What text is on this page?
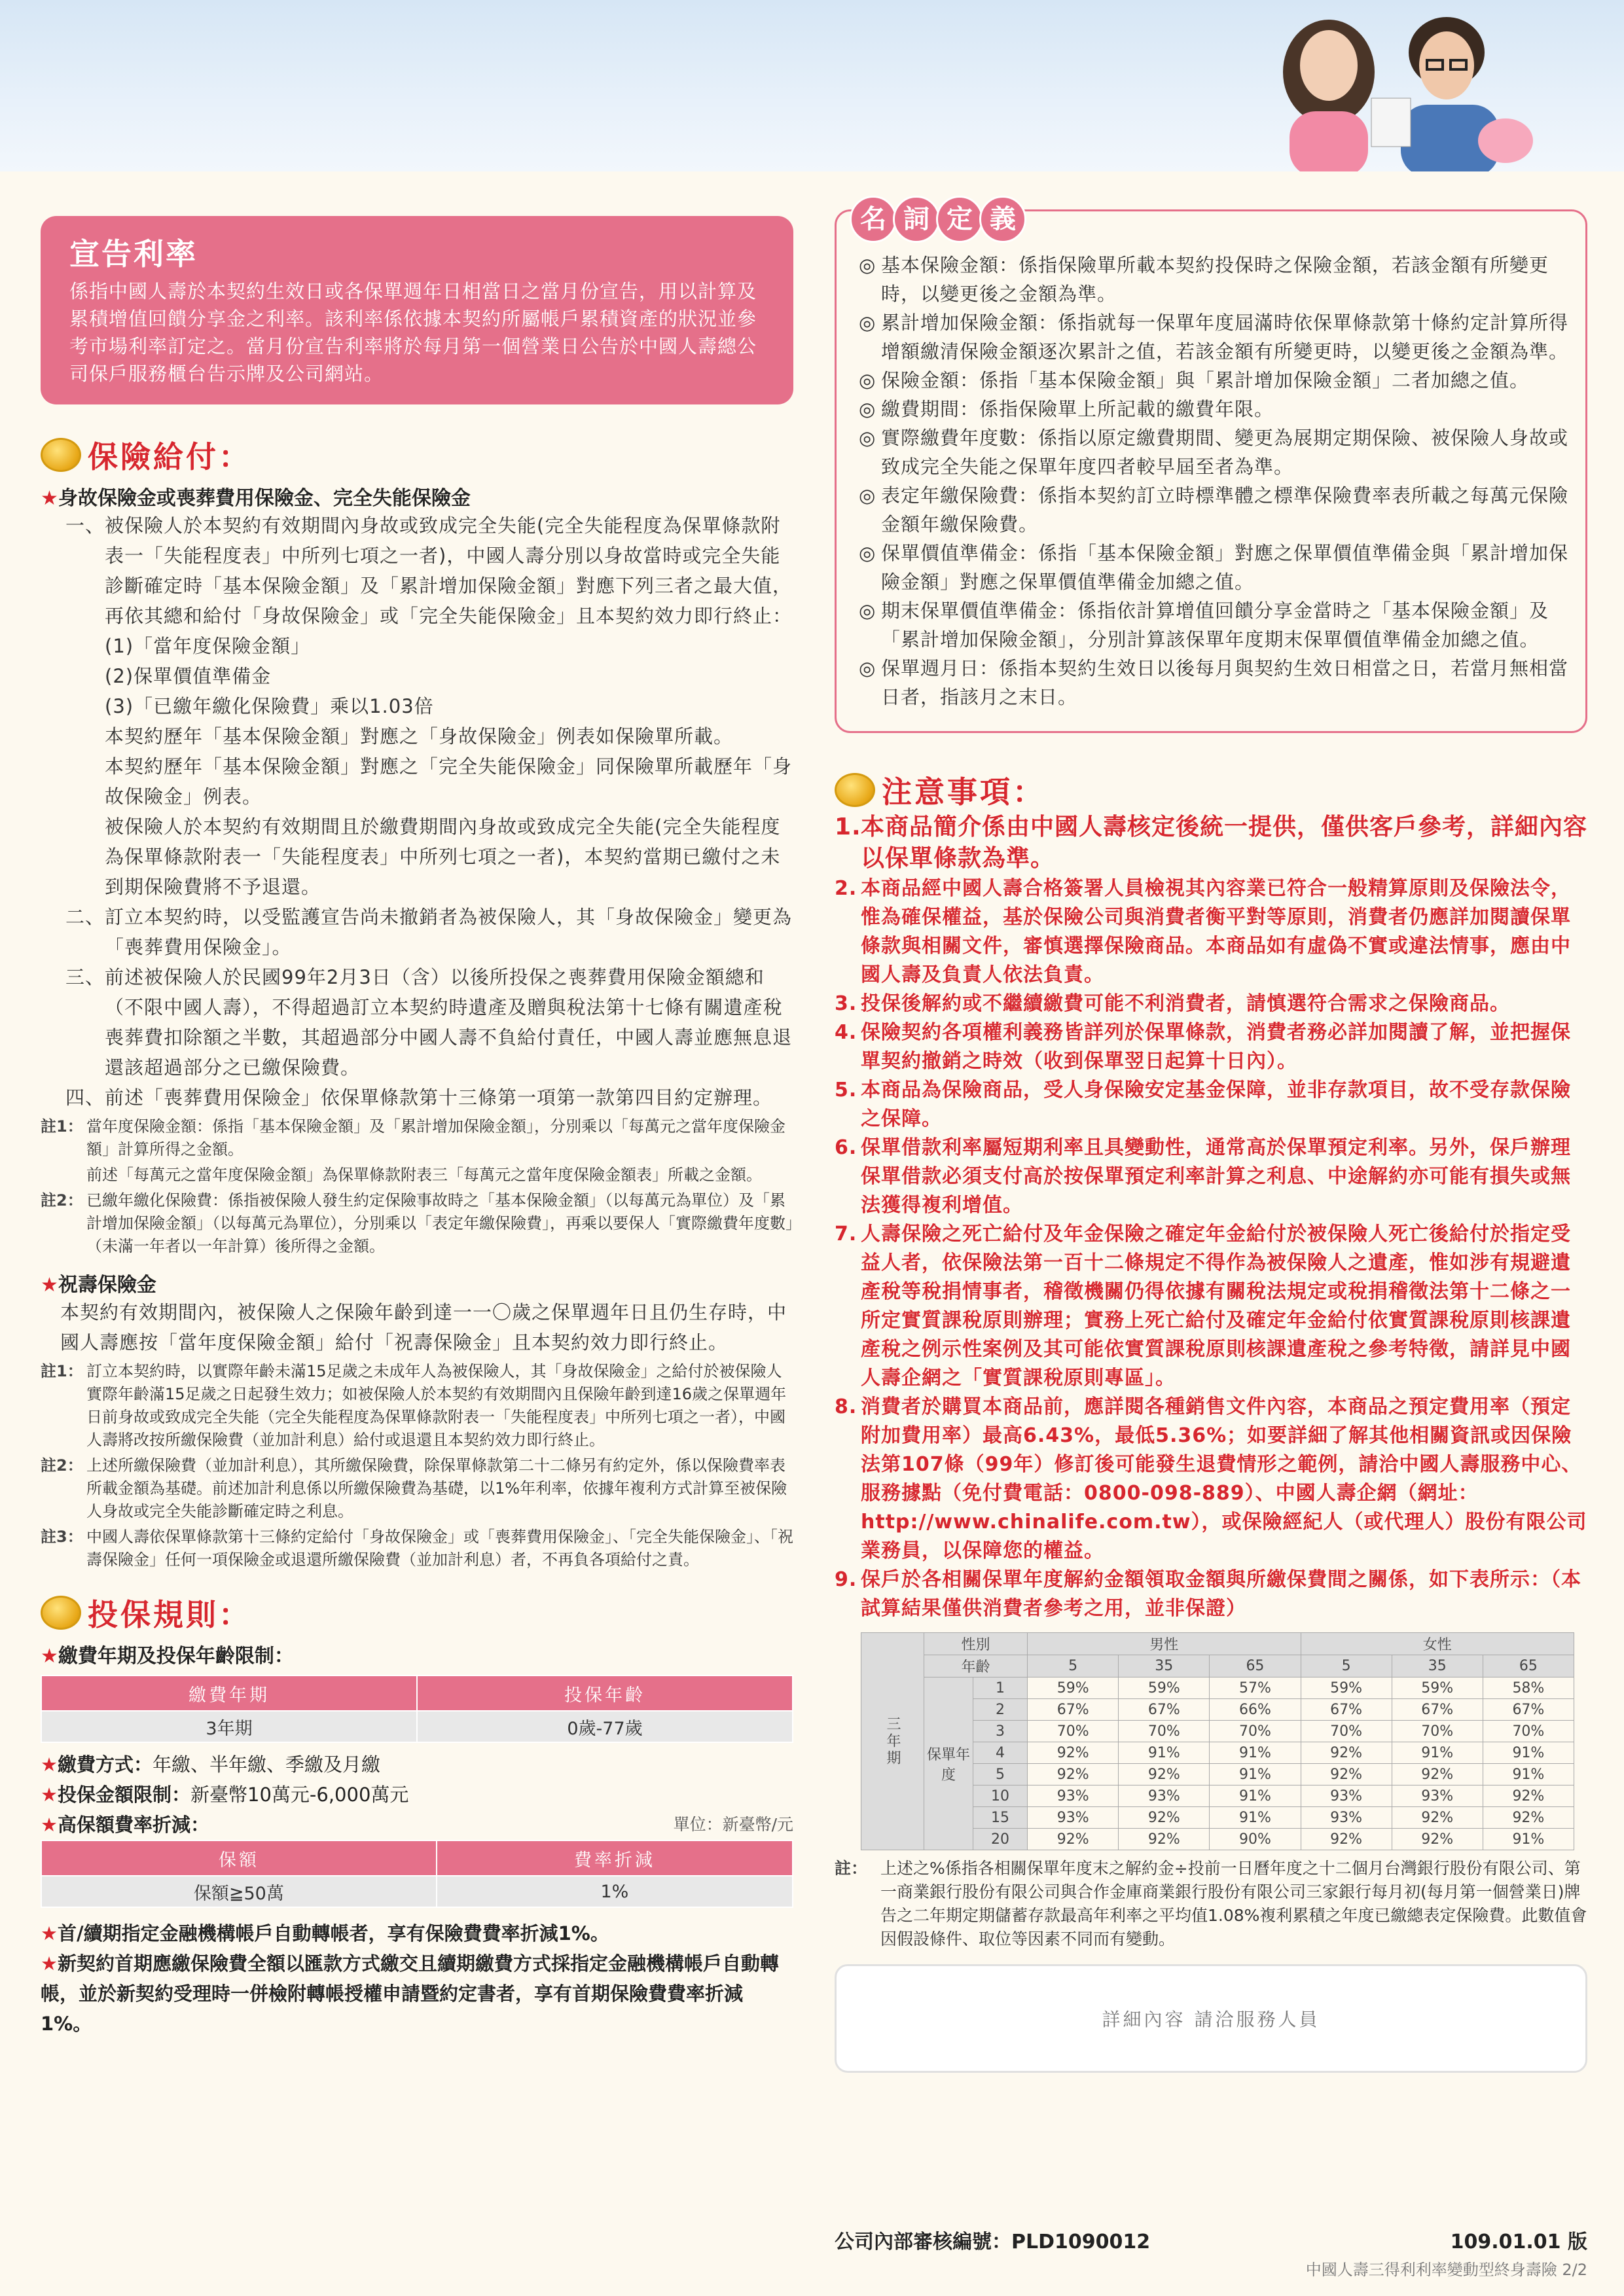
宣告利率
係指中國人壽於本契約生效日或各保單週年日相當日之當月份宣告，用以計算及累積增值回饋分享金之利率。該利率係依據本契約所屬帳戶累積資產的狀況並參考市場利率訂定之。當月份宣告利率將於每月第一個營業日公告於中國人壽總公司保戶服務櫃台告示牌及公司網站。
保險給付：
★身故保險金或喪葬費用保險金、完全失能保險金
一、 被保險人於本契約有效期間內身故或致成完全失能(完全失能程度為保單條款附表一「失能程度表」中所列七項之一者)，中國人壽分別以身故當時或完全失能診斷確定時「基本保險金額」及「累計增加保險金額」對應下列三者之最大值，再依其總和給付「身故保險金」或「完全失能保險金」且本契約效力即行終止：
(1)「當年度保險金額」
(2)保單價值準備金
(3)「已繳年繳化保險費」乘以1.03倍
本契約歷年「基本保險金額」對應之「身故保險金」例表如保險單所載。
本契約歷年「基本保險金額」對應之「完全失能保險金」同保險單所載歷年「身故保險金」例表。
被保險人於本契約有效期間且於繳費期間內身故或致成完全失能(完全失能程度為保單條款附表一「失能程度表」中所列七項之一者)，本契約當期已繳付之未到期保險費將不予退還。
二、 訂立本契約時，以受監護宣告尚未撤銷者為被保險人，其「身故保險金」變更為「喪葬費用保險金」。
三、 前述被保險人於民國99年2月3日（含）以後所投保之喪葬費用保險金額總和（不限中國人壽），不得超過訂立本契約時遺產及贈與稅法第十七條有關遺產稅喪葬費扣除額之半數，其超過部分中國人壽不負給付責任，中國人壽並應無息退還該超過部分之已繳保險費。
四、 前述「喪葬費用保險金」依保單條款第十三條第一項第一款第四目約定辦理。
註1： 當年度保險金額：係指「基本保險金額」及「累計增加保險金額」，分別乘以「每萬元之當年度保險金額」計算所得之金額。
前述「每萬元之當年度保險金額」為保單條款附表三「每萬元之當年度保險金額表」所載之金額。
註2： 已繳年繳化保險費：係指被保險人發生約定保險事故時之「基本保險金額」（以每萬元為單位）及「累計增加保險金額」（以每萬元為單位），分別乘以「表定年繳保險費」，再乘以要保人「實際繳費年度數」（未滿一年者以一年計算）後所得之金額。
★祝壽保險金
本契約有效期間內，被保險人之保險年齡到達一一〇歲之保單週年日且仍生存時，中國人壽應按「當年度保險金額」給付「祝壽保險金」且本契約效力即行終止。
註1： 訂立本契約時，以實際年齡未滿15足歲之未成年人為被保險人，其「身故保險金」之給付於被保險人實際年齡滿15足歲之日起發生效力；如被保險人於本契約有效期間內且保險年齡到達16歲之保單週年日前身故或致成完全失能（完全失能程度為保單條款附表一「失能程度表」中所列七項之一者），中國人壽將改按所繳保險費（並加計利息）給付或退還且本契約效力即行終止。
註2： 上述所繳保險費（並加計利息），其所繳保險費，除保單條款第二十二條另有約定外，係以保險費率表所載金額為基礎。前述加計利息係以所繳保險費為基礎，以1%年利率，依據年複利方式計算至被保險人身故或完全失能診斷確定時之利息。
註3： 中國人壽依保單條款第十三條約定給付「身故保險金」或「喪葬費用保險金」、「完全失能保險金」、「祝壽保險金」任何一項保險金或退還所繳保險費（並加計利息）者，不再負各項給付之責。
投保規則：
★繳費年期及投保年齡限制：
繳費年期	投保年齡
3年期	0歲-77歲
★繳費方式：年繳、半年繳、季繳及月繳
★投保金額限制：新臺幣10萬元-6,000萬元
★高保額費率折減：	單位：新臺幣/元
保額	費率折減
保額≧50萬	1%
★首/續期指定金融機構帳戶自動轉帳者，享有保險費費率折減1%。
★新契約首期應繳保險費全額以匯款方式繳交且續期繳費方式採指定金融機構帳戶自動轉帳，並於新契約受理時一併檢附轉帳授權申請暨約定書者，享有首期保險費費率折減1%。
名 詞 定 義
◎ 基本保險金額：係指保險單所載本契約投保時之保險金額，若該金額有所變更時，以變更後之金額為準。
◎ 累計增加保險金額：係指就每一保單年度屆滿時依保單條款第十條約定計算所得增額繳清保險金額逐次累計之值，若該金額有所變更時，以變更後之金額為準。
◎ 保險金額：係指「基本保險金額」與「累計增加保險金額」二者加總之值。
◎ 繳費期間：係指保險單上所記載的繳費年限。
◎ 實際繳費年度數：係指以原定繳費期間、變更為展期定期保險、被保險人身故或致成完全失能之保單年度四者較早屆至者為準。
◎ 表定年繳保險費：係指本契約訂立時標準體之標準保險費率表所載之每萬元保險金額年繳保險費。
◎ 保單價值準備金：係指「基本保險金額」對應之保單價值準備金與「累計增加保險金額」對應之保單價值準備金加總之值。
◎ 期末保單價值準備金：係指依計算增值回饋分享金當時之「基本保險金額」及「累計增加保險金額」，分別計算該保單年度期末保單價值準備金加總之值。
◎ 保單週月日：係指本契約生效日以後每月與契約生效日相當之日，若當月無相當日者，指該月之末日。
注意事項：
1. 本商品簡介係由中國人壽核定後統一提供，僅供客戶參考，詳細內容以保單條款為準。
2. 本商品經中國人壽合格簽署人員檢視其內容業已符合一般精算原則及保險法令，惟為確保權益，基於保險公司與消費者衡平對等原則，消費者仍應詳加閱讀保單條款與相關文件，審慎選擇保險商品。本商品如有虛偽不實或違法情事，應由中國人壽及負責人依法負責。
3. 投保後解約或不繼續繳費可能不利消費者，請慎選符合需求之保險商品。
4. 保險契約各項權利義務皆詳列於保單條款，消費者務必詳加閱讀了解，並把握保單契約撤銷之時效（收到保單翌日起算十日內）。
5. 本商品為保險商品，受人身保險安定基金保障，並非存款項目，故不受存款保險之保障。
6. 保單借款利率屬短期利率且具變動性，通常高於保單預定利率。另外，保戶辦理保單借款必須支付高於按保單預定利率計算之利息、中途解約亦可能有損失或無法獲得複利增值。
7. 人壽保險之死亡給付及年金保險之確定年金給付於被保險人死亡後給付於指定受益人者，依保險法第一百十二條規定不得作為被保險人之遺產，惟如涉有規避遺產稅等稅捐情事者，稽徵機關仍得依據有關稅法規定或稅捐稽徵法第十二條之一所定實質課稅原則辦理；實務上死亡給付及確定年金給付依實質課稅原則核課遺產稅之例示性案例及其可能依實質課稅原則核課遺產稅之參考特徵，請詳見中國人壽企網之「實質課稅原則專區」。
8. 消費者於購買本商品前，應詳閱各種銷售文件內容，本商品之預定費用率（預定附加費用率）最高6.43%，最低5.36%；如要詳細了解其他相關資訊或因保險法第107條（99年）修訂後可能發生退費情形之範例，請洽中國人壽服務中心、服務據點（免付費電話：0800-098-889）、中國人壽企網（網址：http://www.chinalife.com.tw），或保險經紀人（或代理人）股份有限公司業務員，以保障您的權益。
9. 保戶於各相關保單年度解約金額領取金額與所繳保費間之關係，如下表所示：（本試算結果僅供消費者參考之用，並非保證）
三年期	性別		男性			女性		
	年齡		5	35	65	5	35	65
	保單年度	1	59%	59%	57%	59%	59%	58%
		2	67%	67%	66%	67%	67%	67%
		3	70%	70%	70%	70%	70%	70%
		4	92%	91%	91%	92%	91%	91%
		5	92%	92%	91%	92%	92%	91%
		10	93%	93%	91%	93%	93%	92%
		15	93%	92%	91%	93%	92%	92%
		20	92%	92%	90%	92%	92%	91%
註： 上述之%係指各相關保單年度末之解約金÷投前一日曆年度之十二個月台灣銀行股份有限公司、第一商業銀行股份有限公司與合作金庫商業銀行股份有限公司三家銀行每月初(每月第一個營業日)牌告之二年期定期儲蓄存款最高年利率之平均值1.08%複利累積之年度已繳總表定保險費。此數值會因假設條件、取位等因素不同而有變動。
詳細內容 請洽服務人員
公司內部審核編號：PLD1090012	109.01.01 版
中國人壽三得利利率變動型終身壽險 2/2
